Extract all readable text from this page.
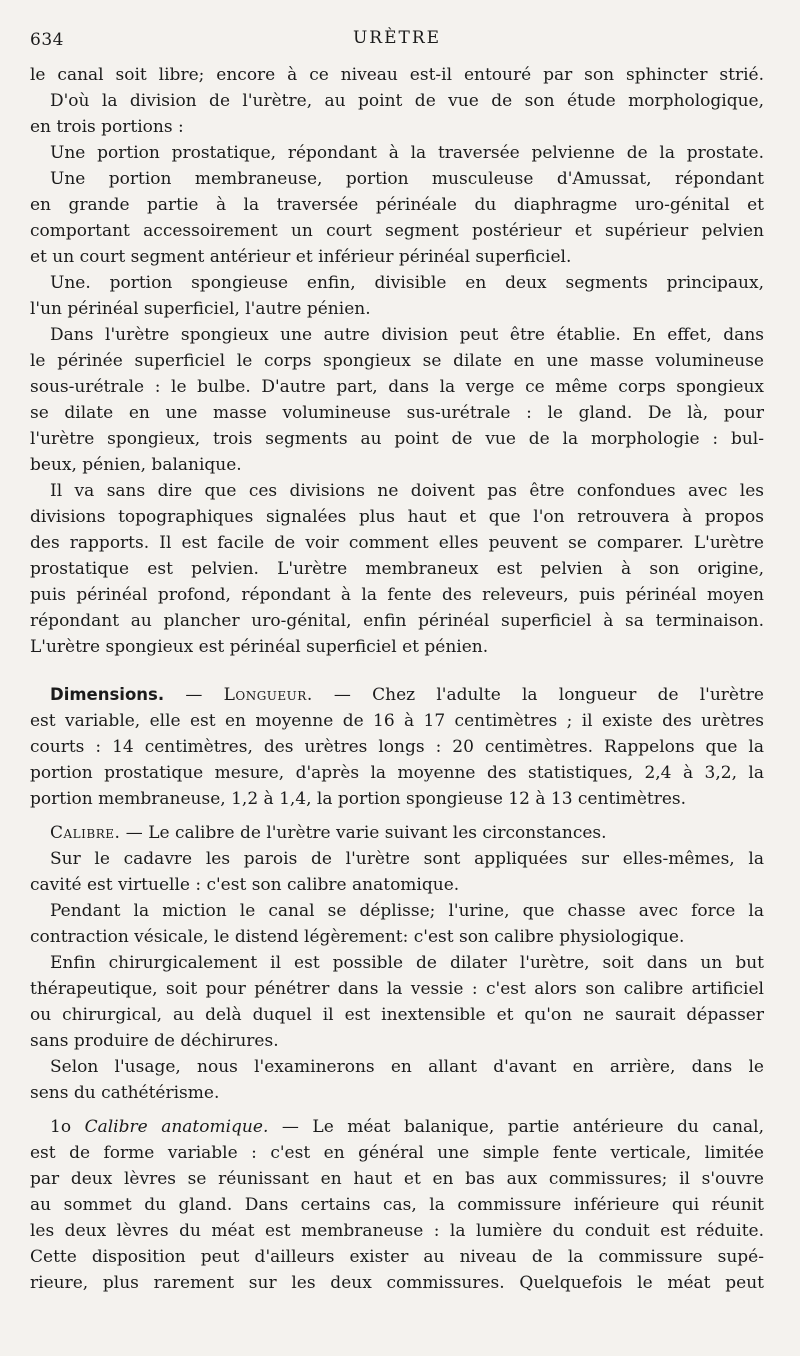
634	URÈTRE
le canal soit libre; encore à ce niveau est-il entouré par son sphincter strié.
D'où la division de l'urètre, au point de vue de son étude morphologique,
en trois portions :
Une portion prostatique, répondant à la traversée pelvienne de la prostate.
Une portion membraneuse, portion musculeuse d'Amussat, répondant
en grande partie à la traversée périnéale du diaphragme uro-génital et
comportant accessoirement un court segment postérieur et supérieur pelvien
et un court segment antérieur et inférieur périnéal superficiel.
Une. portion spongieuse enfin, divisible en deux segments principaux,
l'un périnéal superficiel, l'autre pénien.
Dans l'urètre spongieux une autre division peut être établie. En effet, dans
le périnée superficiel le corps spongieux se dilate en une masse volumineuse
sous-urétrale : le bulbe. D'autre part, dans la verge ce même corps spongieux
se dilate en une masse volumineuse sus-urétrale : le gland. De là, pour
l'urètre spongieux, trois segments au point de vue de la morphologie : bul-
beux, pénien, balanique.
Il va sans dire que ces divisions ne doivent pas être confondues avec les
divisions topographiques signalées plus haut et que l'on retrouvera à propos
des rapports. Il est facile de voir comment elles peuvent se comparer. L'urètre
prostatique est pelvien. L'urètre membraneux est pelvien à son origine,
puis périnéal profond, répondant à la fente des releveurs, puis périnéal moyen
répondant au plancher uro-génital, enfin périnéal superficiel à sa terminaison.
L'urètre spongieux est périnéal superficiel et pénien.
Dimensions. — Longueur. — Chez l'adulte la longueur de l'urètre
est variable, elle est en moyenne de 16 à 17 centimètres ; il existe des urètres
courts : 14 centimètres, des urètres longs : 20 centimètres. Rappelons que la
portion prostatique mesure, d'après la moyenne des statistiques, 2,4 à 3,2, la
portion membraneuse, 1,2 à 1,4, la portion spongieuse 12 à 13 centimètres.
Calibre. — Le calibre de l'urètre varie suivant les circonstances.
Sur le cadavre les parois de l'urètre sont appliquées sur elles-mêmes, la
cavité est virtuelle : c'est son calibre anatomique.
Pendant la miction le canal se déplisse; l'urine, que chasse avec force la
contraction vésicale, le distend légèrement: c'est son calibre physiologique.
Enfin chirurgicalement il est possible de dilater l'urètre, soit dans un but
thérapeutique, soit pour pénétrer dans la vessie : c'est alors son calibre artificiel
ou chirurgical, au delà duquel il est inextensible et qu'on ne saurait dépasser
sans produire de déchirures.
Selon l'usage, nous l'examinerons en allant d'avant en arrière, dans le
sens du cathétérisme.
1o Calibre anatomique. — Le méat balanique, partie antérieure du canal,
est de forme variable : c'est en général une simple fente verticale, limitée
par deux lèvres se réunissant en haut et en bas aux commissures; il s'ouvre
au sommet du gland. Dans certains cas, la commissure inférieure qui réunit
les deux lèvres du méat est membraneuse : la lumière du conduit est réduite.
Cette disposition peut d'ailleurs exister au niveau de la commissure supé-
rieure, plus rarement sur les deux commissures. Quelquefois le méat peut
